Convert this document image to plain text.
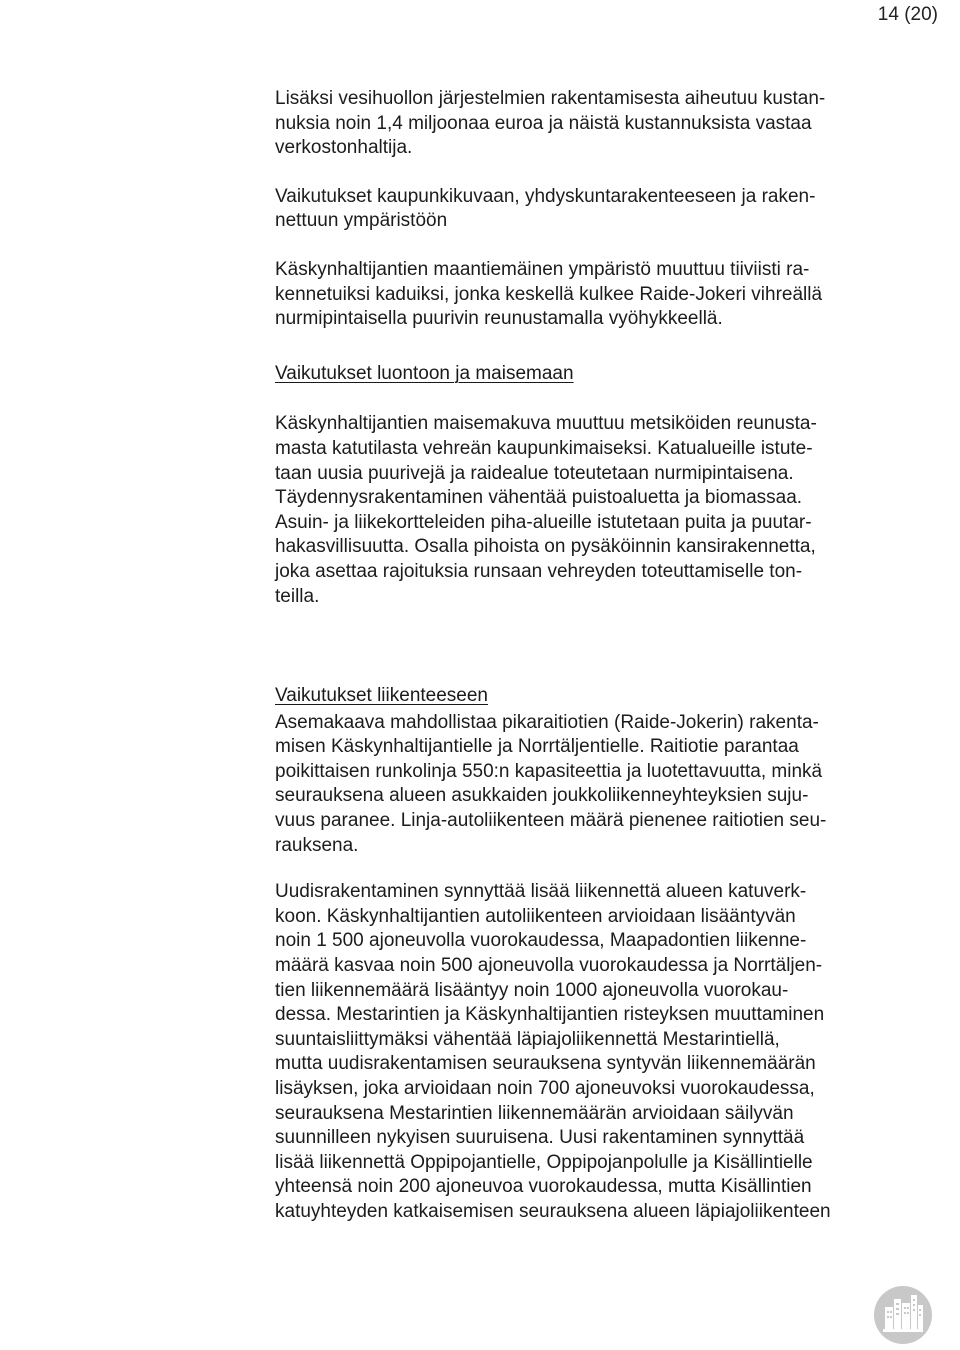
14 (20)

Lisäksi vesihuollon järjestelmien rakentamisesta aiheutuu kustan-
nuksia noin 1,4 miljoonaa euroa ja näistä kustannuksista vastaa
verkostonhaltija.

Vaikutukset kaupunkikuvaan, yhdyskuntarakenteeseen ja raken-
nettuun ympäristöön

Käskynhaltijantien maantiemäinen ympäristö muuttuu tiiviisti ra-
kennetuiksi kaduiksi, jonka keskellä kulkee Raide-Jokeri vihreällä
nurmipintaisella puurivin reunustamalla vyöhykkeellä.

Vaikutukset luontoon ja maisemaan

Käskynhaltijantien maisemakuva muuttuu metsiköiden reunusta-
masta katutilasta vehreän kaupunkimaiseksi. Katualueille istute-
taan uusia puurivejä ja raidealue toteutetaan nurmipintaisena.
Täydennysrakentaminen vähentää puistoaluetta ja biomassaa.
Asuin- ja liikekortteleiden piha-alueille istutetaan puita ja puutar-
hakasvillisuutta. Osalla pihoista on pysäköinnin kansirakennetta,
joka asettaa rajoituksia runsaan vehreyden toteuttamiselle ton-
teilla.

Vaikutukset liikenteeseen

Asemakaava mahdollistaa pikaraitiotien (Raide-Jokerin) rakenta-
misen Käskynhaltijantielle ja Norrtäljentielle. Raitiotie parantaa
poikittaisen runkolinja 550:n kapasiteettia ja luotettavuutta, minkä
seurauksena alueen asukkaiden joukkoliikenneyhteyksien suju-
vuus paranee. Linja-autoliikenteen määrä pienenee raitiotien seu-
rauksena.

Uudisrakentaminen synnyttää lisää liikennettä alueen katuverk-
koon. Käskynhaltijantien autoliikenteen arvioidaan lisääntyvän
noin 1 500 ajoneuvolla vuorokaudessa, Maapadontien liikenne-
määrä kasvaa noin 500 ajoneuvolla vuorokaudessa ja Norrtäljen-
tien liikennemäärä lisääntyy noin 1000 ajoneuvolla vuorokau-
dessa. Mestarintien ja Käskynhaltijantien risteyksen muuttaminen
suuntaisliittymäksi vähentää läpiajoliikennettä Mestarintiellä,
mutta uudisrakentamisen seurauksena syntyvän liikennemäärän
lisäyksen, joka arvioidaan noin 700 ajoneuvoksi vuorokaudessa,
seurauksena Mestarintien liikennemäärän arvioidaan säilyvän
suunnilleen nykyisen suuruisena. Uusi rakentaminen synnyttää
lisää liikennettä Oppipojantielle, Oppipojanpolulle ja Kisällintielle
yhteensä noin 200 ajoneuvoa vuorokaudessa, mutta Kisällintien
katuyhteyden katkaisemisen seurauksena alueen läpiajoliikenteen
